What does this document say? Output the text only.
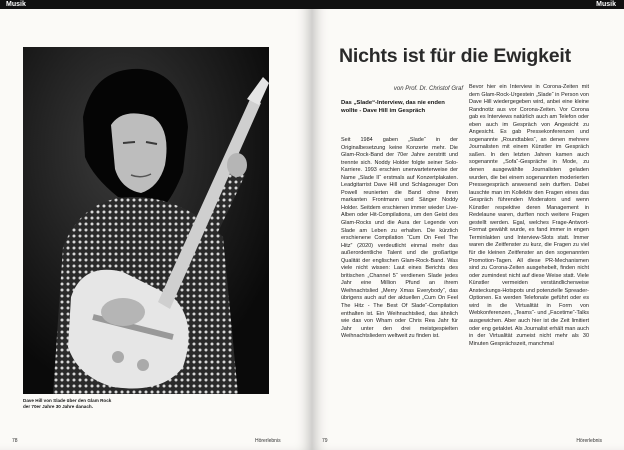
Musik

Dave Hill von Slade über den Glam Rock der 70er Jahre 30 Jahre danach.

78	Hörerlebnis
Musik
Nichts ist für die Ewigkeit

von Prof. Dr. Christof Graf

Das „Slade“-Interview, das nie enden wollte - Dave Hill im Gespräch

Seit 1984 gaben „Slade“ in der Originalbesetzung keine Konzerte mehr. Die Glam-Rock-Band der 70er Jahre zerstritt und trennte sich. Noddy Holder folgte seiner Solo-Karriere. 1993 erschien unerwarteterweise der Name „Slade II“ erstmals auf Konzertplakaten. Leadgitarrist Dave Hill und Schlagzeuger Don Powell reunierten die Band ohne ihren markanten Frontmann und Sänger Noddy Holder. Seitdem erschienen immer wieder Live-Alben oder Hit-Compilations, um den Geist des Glam-Rocks und die Aura der Legende von Slade am Leben zu erhalten. Die kürzlich erschienene Compilation “Cum On Feel The Hitz” (2020) verdeutlicht einmal mehr das außerordentliche Talent und die großartige Qualität der englischen Glam-Rock-Band. Was viele nicht wissen: Laut eines Berichts des britischen „Channel 5“ verdienen Slade jedes Jahr eine Million Pfund an ihrem Weihnachtslied „Merry Xmas Everybody“, das übrigens auch auf der aktuellen „Cum On Feel The Hitz - The Best Of Slade“-Compilation enthalten ist. Ein Weihnachtslied, das ähnlich wie das von Wham oder Chris Rea Jahr für Jahr unter den drei meistgespielten Weihnachtsliedern weltweit zu finden ist.

Bevor hier ein Interview in Corona-Zeiten mit dem Glam-Rock-Urgestein „Slade“ in Person von Dave Hill wiedergegeben wird, anbei eine kleine Randnotiz aus vor Corona-Zeiten. Vor Corona gab es Interviews natürlich auch am Telefon oder eben auch im Gespräch von Angesicht zu Angesicht. Es gab Pressekonferenzen und sogenannte „Roundtables“, an denen mehrere Journalisten mit einem Künstler im Gespräch saßen. In den letzten Jahren kamen auch sogenannte „Sofa“-Gespräche in Mode, zu denen ausgewählte Journalisten geladen wurden, die bei einem sogenannten moderierten Pressegespräch anwesend sein durften. Dabei lauschte man im Kollektiv den Fragen eines das Gespräch führenden Moderators und wenn Künstler respektive deren Management in Redelaune waren, durften noch weitere Fragen gestellt werden. Egal, welches Frage-Antwort-Format gewählt wurde, es fand immer in engen Terminlakten und Interview-Slots statt. Immer waren die Zeitfenster zu kurz, die Fragen zu viel für die kleinen Zeitfenster an den sogenannten Promotion-Tagen. All diese PR-Mechanismen sind zu Corona-Zeiten ausgehebelt, finden nicht oder zumindest nicht auf diese Weise statt. Viele Künstler vermeiden verständlicherweise Ansteckungs-Hotspots und potenzielle Spreader-Optionen. Es werden Telefonate geführt oder es wird in die Virtualität in Form von Webkonferenzen, „Teams“- und „Facetime“-Talks ausgewichen. Aber auch hier ist die Zeit limitiert oder eng getaktet. Als Journalist erhält man auch in der Virtualität zumeist nicht mehr als 30 Minuten Gesprächszeit, manchmal

79	Hörerlebnis
